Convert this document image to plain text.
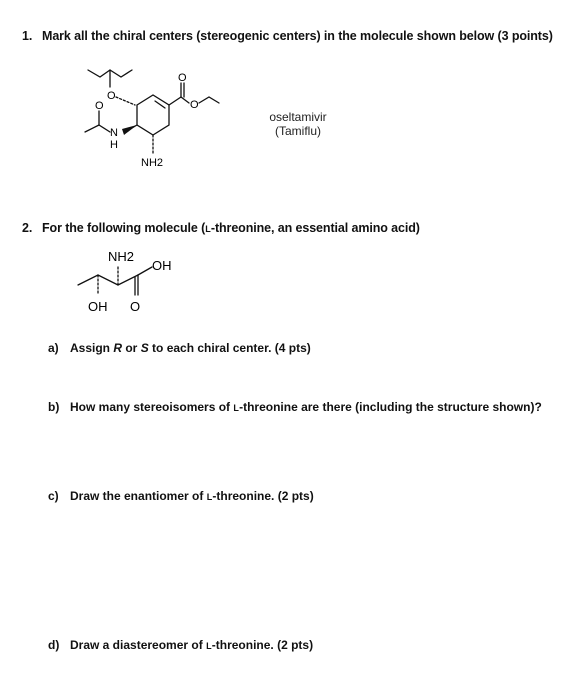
1. Mark all the chiral centers (stereogenic centers) in the molecule shown below (3 points)
O
O
O
O
N
H
NH2
oseltamivir
(Tamiflu)
2. For the following molecule (L-threonine, an essential amino acid)
NH2
OH
OH O
a) Assign R or S to each chiral center. (4 pts)
b) How many stereoisomers of L-threonine are there (including the structure shown)?
c) Draw the enantiomer of L-threonine. (2 pts)
d) Draw a diastereomer of L-threonine. (2 pts)
